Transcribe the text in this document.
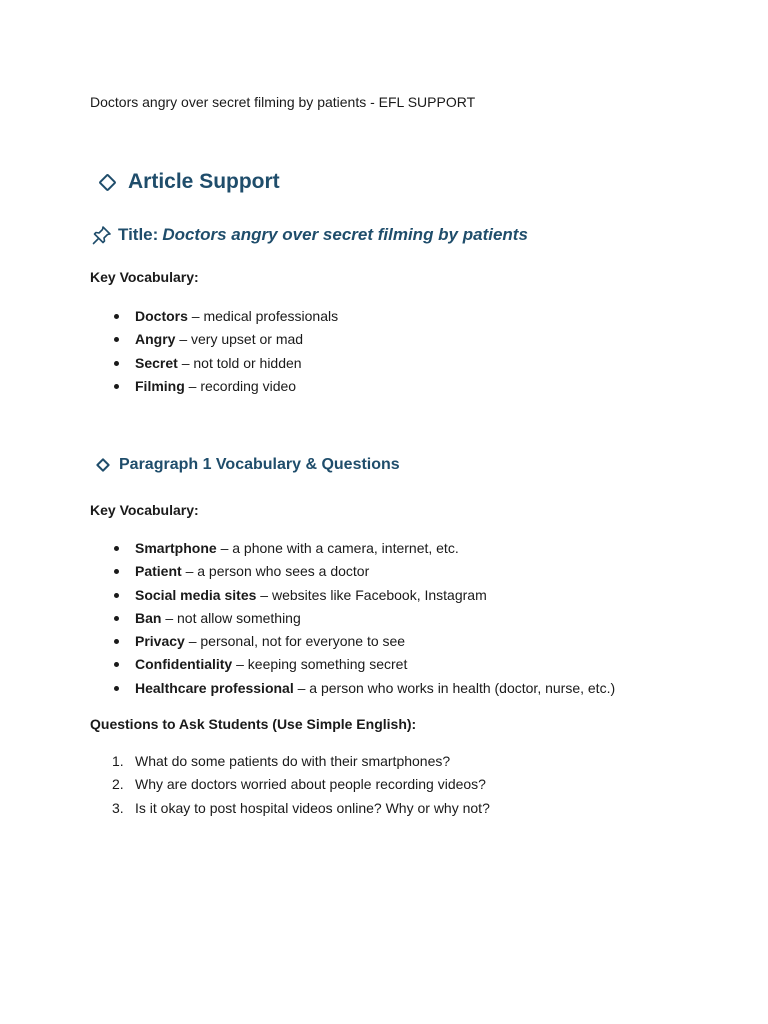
Doctors angry over secret filming by patients - EFL SUPPORT
Article Support
Title: Doctors angry over secret filming by patients
Key Vocabulary:
Doctors – medical professionals
Angry – very upset or mad
Secret – not told or hidden
Filming – recording video
Paragraph 1 Vocabulary & Questions
Key Vocabulary:
Smartphone – a phone with a camera, internet, etc.
Patient – a person who sees a doctor
Social media sites – websites like Facebook, Instagram
Ban – not allow something
Privacy – personal, not for everyone to see
Confidentiality – keeping something secret
Healthcare professional – a person who works in health (doctor, nurse, etc.)
Questions to Ask Students (Use Simple English):
1. What do some patients do with their smartphones?
2. Why are doctors worried about people recording videos?
3. Is it okay to post hospital videos online? Why or why not?
